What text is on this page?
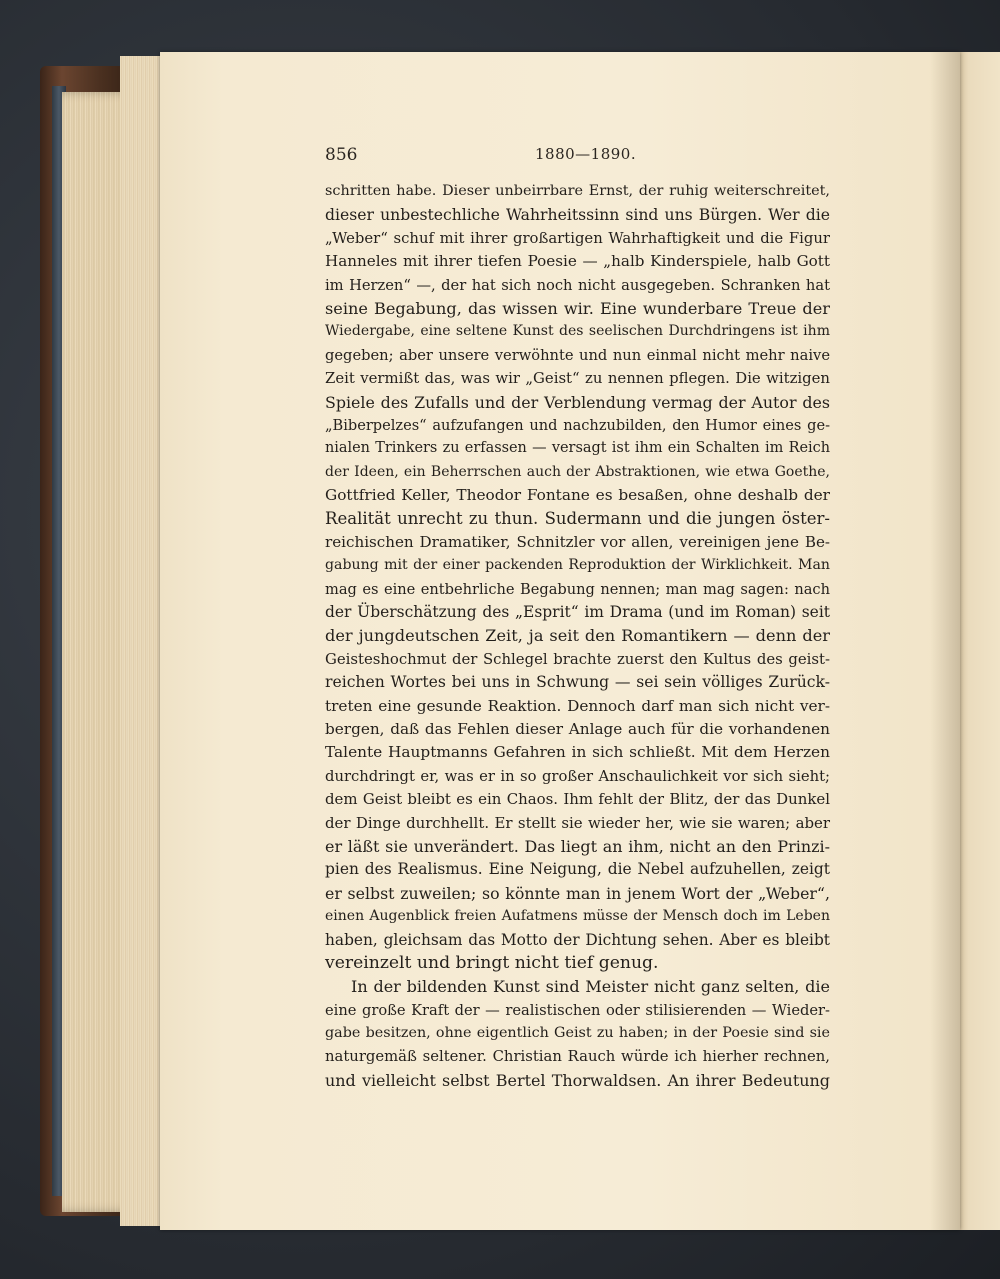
856	1880—1890.
schritten habe. Dieser unbeirrbare Ernst, der ruhig weiterschreitet,
dieser unbestechliche Wahrheitssinn sind uns Bürgen. Wer die
„Weber“ schuf mit ihrer großartigen Wahrhaftigkeit und die Figur
Hanneles mit ihrer tiefen Poesie — „halb Kinderspiele, halb Gott
im Herzen“ —, der hat sich noch nicht ausgegeben. Schranken hat
seine Begabung, das wissen wir. Eine wunderbare Treue der
Wiedergabe, eine seltene Kunst des seelischen Durchdringens ist ihm
gegeben; aber unsere verwöhnte und nun einmal nicht mehr naive
Zeit vermißt das, was wir „Geist“ zu nennen pflegen. Die witzigen
Spiele des Zufalls und der Verblendung vermag der Autor des
„Biberpelzes“ aufzufangen und nachzubilden, den Humor eines ge-
nialen Trinkers zu erfassen — versagt ist ihm ein Schalten im Reich
der Ideen, ein Beherrschen auch der Abstraktionen, wie etwa Goethe,
Gottfried Keller, Theodor Fontane es besaßen, ohne deshalb der
Realität unrecht zu thun. Sudermann und die jungen öster-
reichischen Dramatiker, Schnitzler vor allen, vereinigen jene Be-
gabung mit der einer packenden Reproduktion der Wirklichkeit. Man
mag es eine entbehrliche Begabung nennen; man mag sagen: nach
der Überschätzung des „Esprit“ im Drama (und im Roman) seit
der jungdeutschen Zeit, ja seit den Romantikern — denn der
Geisteshochmut der Schlegel brachte zuerst den Kultus des geist-
reichen Wortes bei uns in Schwung — sei sein völliges Zurück-
treten eine gesunde Reaktion. Dennoch darf man sich nicht ver-
bergen, daß das Fehlen dieser Anlage auch für die vorhandenen
Talente Hauptmanns Gefahren in sich schließt. Mit dem Herzen
durchdringt er, was er in so großer Anschaulichkeit vor sich sieht;
dem Geist bleibt es ein Chaos. Ihm fehlt der Blitz, der das Dunkel
der Dinge durchhellt. Er stellt sie wieder her, wie sie waren; aber
er läßt sie unverändert. Das liegt an ihm, nicht an den Prinzi-
pien des Realismus. Eine Neigung, die Nebel aufzuhellen, zeigt
er selbst zuweilen; so könnte man in jenem Wort der „Weber“,
einen Augenblick freien Aufatmens müsse der Mensch doch im Leben
haben, gleichsam das Motto der Dichtung sehen. Aber es bleibt
vereinzelt und bringt nicht tief genug.
In der bildenden Kunst sind Meister nicht ganz selten, die
eine große Kraft der — realistischen oder stilisierenden — Wieder-
gabe besitzen, ohne eigentlich Geist zu haben; in der Poesie sind sie
naturgemäß seltener. Christian Rauch würde ich hierher rechnen,
und vielleicht selbst Bertel Thorwaldsen. An ihrer Bedeutung
